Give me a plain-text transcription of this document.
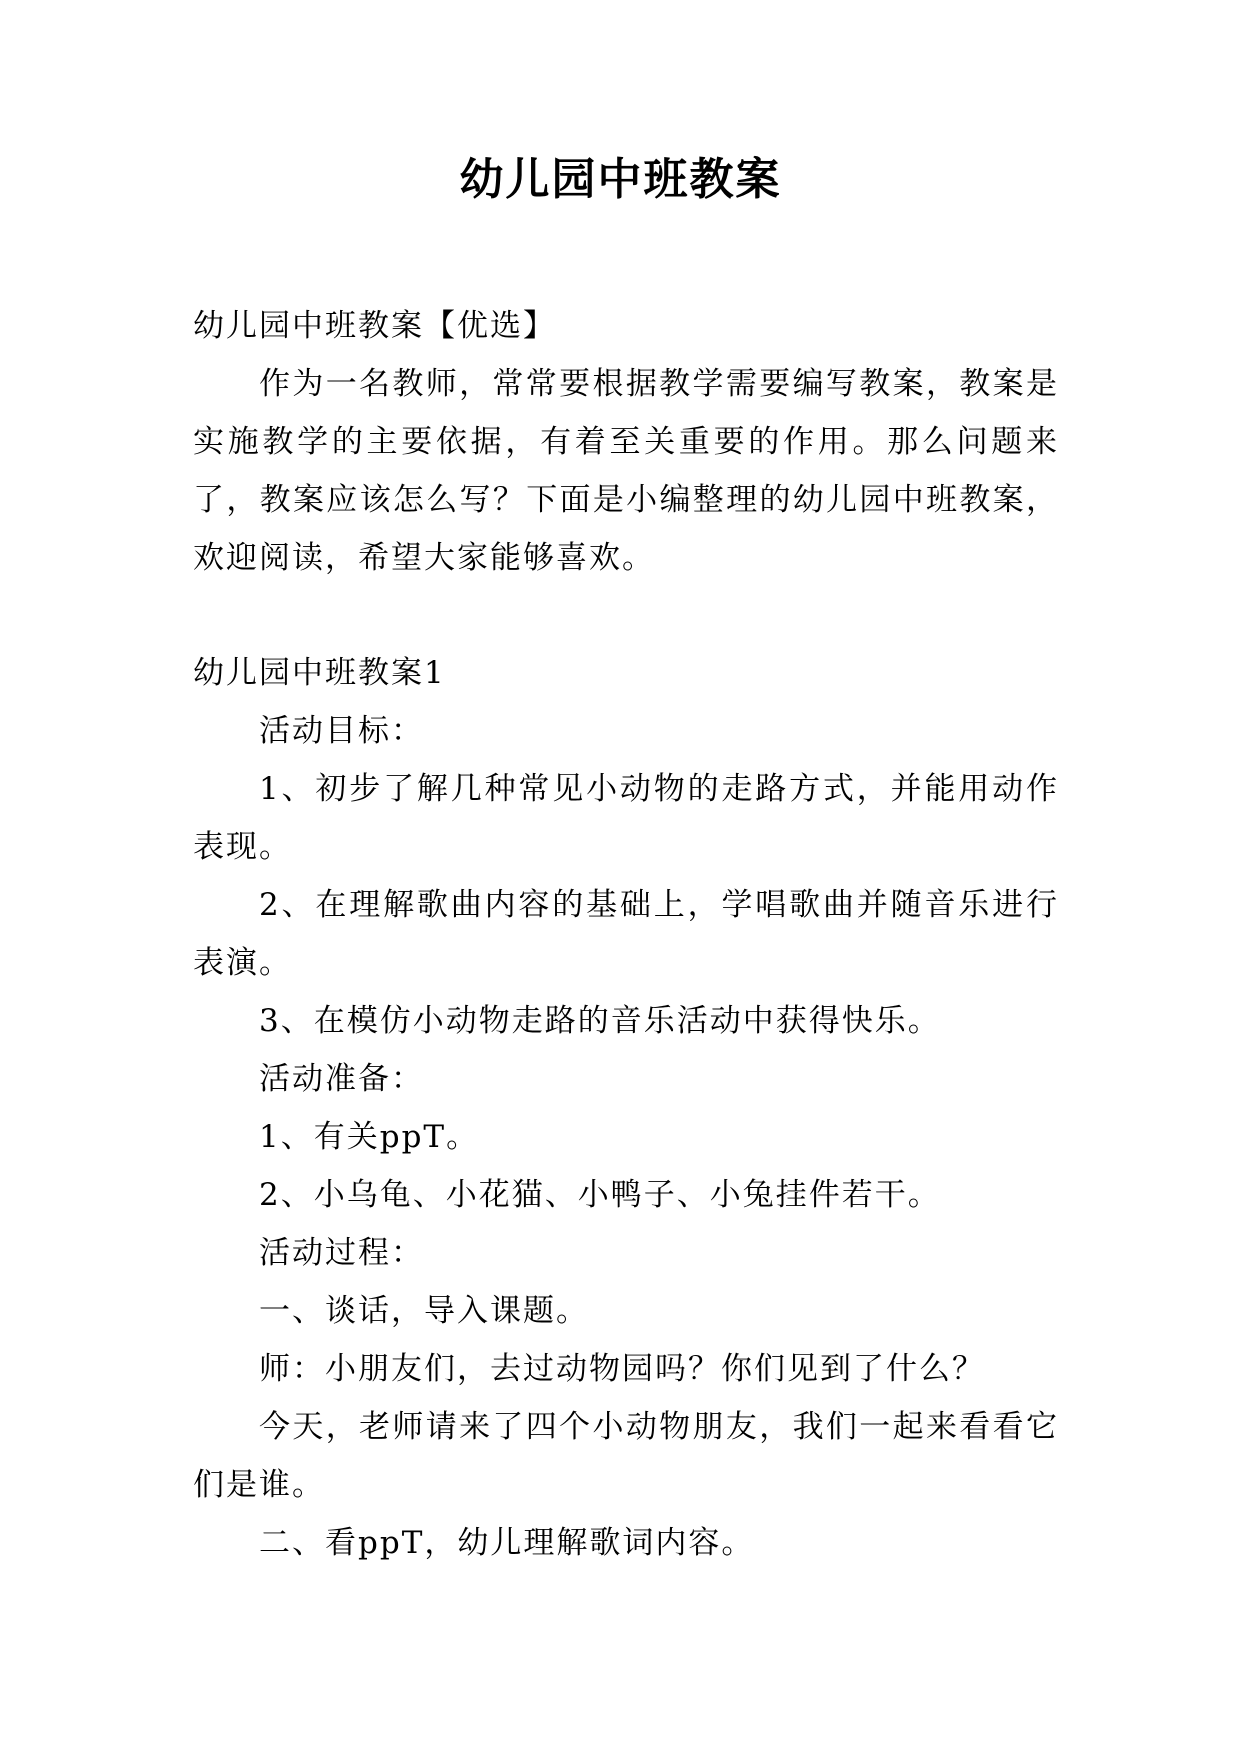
幼儿园中班教案

幼儿园中班教案【优选】

作为一名教师，常常要根据教学需要编写教案，教案是实施教学的主要依据，有着至关重要的作用。那么问题来了，教案应该怎么写？下面是小编整理的幼儿园中班教案，欢迎阅读，希望大家能够喜欢。

幼儿园中班教案1

活动目标：

1、初步了解几种常见小动物的走路方式，并能用动作表现。

2、在理解歌曲内容的基础上，学唱歌曲并随音乐进行表演。

3、在模仿小动物走路的音乐活动中获得快乐。

活动准备：

1、有关ppT。

2、小乌龟、小花猫、小鸭子、小兔挂件若干。

活动过程：

一、谈话，导入课题。

师：小朋友们，去过动物园吗？你们见到了什么？

今天，老师请来了四个小动物朋友，我们一起来看看它们是谁。

二、看ppT，幼儿理解歌词内容。
